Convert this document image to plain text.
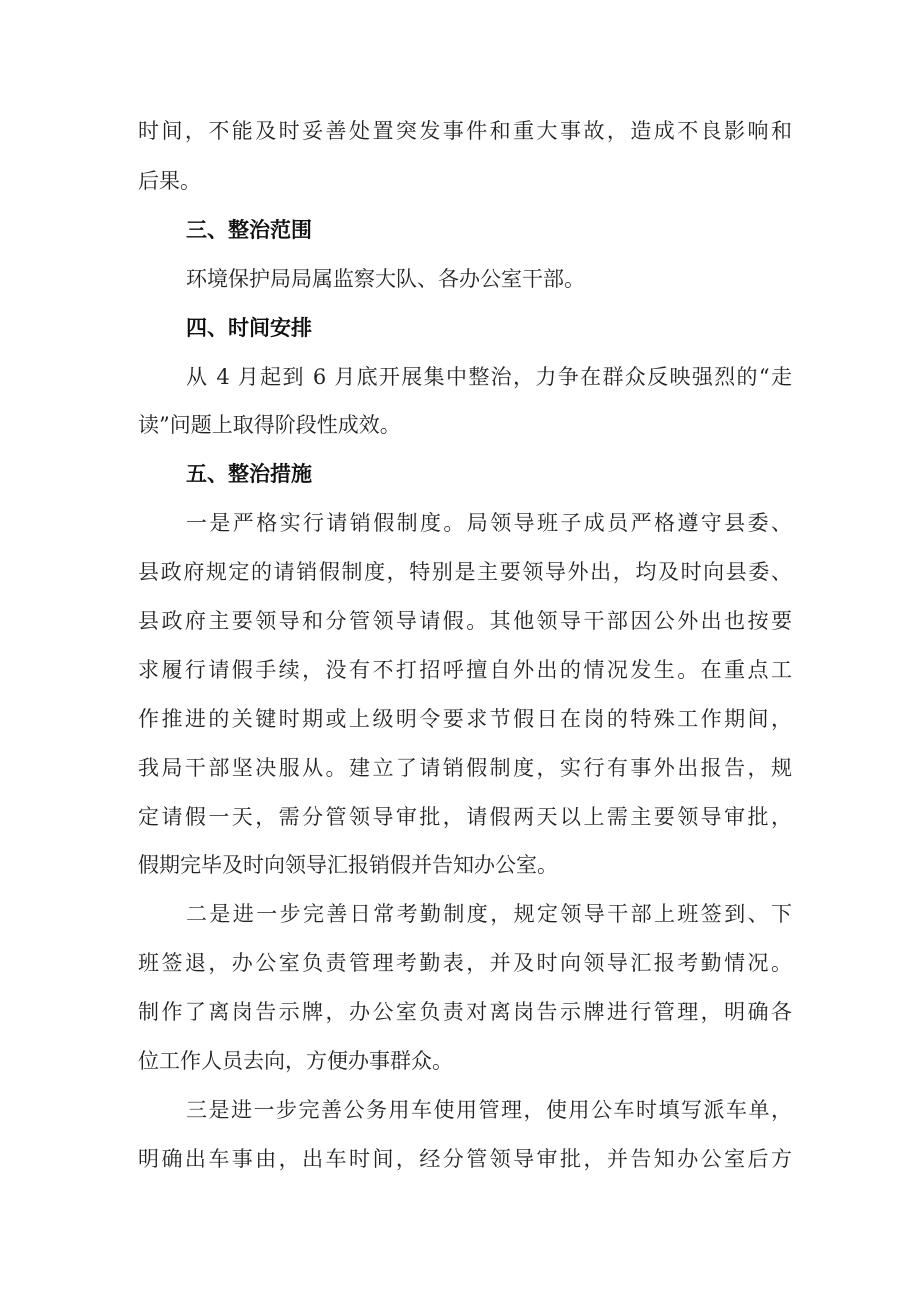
时间，不能及时妥善处置突发事件和重大事故，造成不良影响和

后果。

三、整治范围

环境保护局局属监察大队、各办公室干部。

四、时间安排

从 4 月起到 6 月底开展集中整治，力争在群众反映强烈的“走

读”问题上取得阶段性成效。

五、整治措施

一是严格实行请销假制度。局领导班子成员严格遵守县委、

县政府规定的请销假制度，特别是主要领导外出，均及时向县委、

县政府主要领导和分管领导请假。其他领导干部因公外出也按要

求履行请假手续，没有不打招呼擅自外出的情况发生。在重点工

作推进的关键时期或上级明令要求节假日在岗的特殊工作期间，

我局干部坚决服从。建立了请销假制度，实行有事外出报告，规

定请假一天，需分管领导审批，请假两天以上需主要领导审批，

假期完毕及时向领导汇报销假并告知办公室。

二是进一步完善日常考勤制度，规定领导干部上班签到、下

班签退，办公室负责管理考勤表，并及时向领导汇报考勤情况。

制作了离岗告示牌，办公室负责对离岗告示牌进行管理，明确各

位工作人员去向，方便办事群众。

三是进一步完善公务用车使用管理，使用公车时填写派车单，

明确出车事由，出车时间，经分管领导审批，并告知办公室后方
